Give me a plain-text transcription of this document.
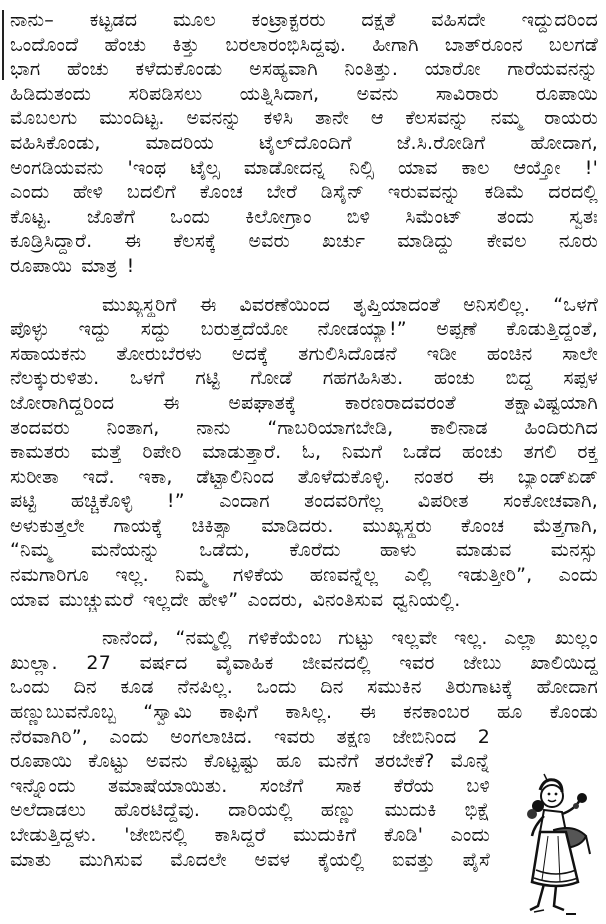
ನಾನು– ಕಟ್ಟಡದ ಮೂಲ ಕಂಟ್ರಾಕ್ಟರರು ದಕ್ಷತೆ ವಹಿಸದೇ ಇದ್ದುದರಿಂದ
ಒಂದೊಂದೆ ಹೆಂಚು ಕಿತ್ತು ಬರಲಾರಂಭಿಸಿದ್ದವು. ಹೀಗಾಗಿ ಬಾತ್‌ರೂಂನ ಬಲಗಡೆ
ಭಾಗ ಹೆಂಚು ಕಳೆದುಕೊಂಡು ಅಸಹ್ಯವಾಗಿ ನಿಂತಿತ್ತು. ಯಾರೋ ಗಾರೆಯವನನ್ನು
ಹಿಡಿದುತಂದು ಸರಿಪಡಿಸಲು ಯತ್ನಿಸಿದಾಗ, ಅವನು ಸಾವಿರಾರು ರೂಪಾಯಿ
ಮೊಬಲಗು ಮುಂದಿಟ್ಟ. ಅವನನ್ನು ಕಳಿಸಿ ತಾನೇ ಆ ಕೆಲಸವನ್ನು ನಮ್ಮ ರಾಯರು
ವಹಿಸಿಕೊಂಡು, ಮಾದರಿಯ ಟೈಲ್‌ದೊಂದಿಗೆ ಜೆ.ಸಿ.ರೋಡಿಗೆ ಹೋದಾಗ,
ಅಂಗಡಿಯವನು 'ಇಂಥ ಟೈಲ್ಸ ಮಾಡೋದನ್ನ ನಿಲ್ಸಿ ಯಾವ ಕಾಲ ಆಯ್ತೋ !'
ಎಂದು ಹೇಳಿ ಬದಲಿಗೆ ಕೊಂಚ ಬೇರೆ ಡಿಸೈನ್ ಇರುವವನ್ನು ಕಡಿಮೆ ದರದಲ್ಲಿ
ಕೊಟ್ಟ. ಜೊತೆಗೆ ಒಂದು ಕಿಲೋಗ್ರಾಂ ಬಿಳಿ ಸಿಮೆಂಟ್ ತಂದು ಸ್ವತಃ
ಕೂಡ್ರಿಸಿದ್ದಾರೆ. ಈ ಕೆಲಸಕ್ಕೆ ಅವರು ಖರ್ಚು ಮಾಡಿದ್ದು ಕೇವಲ ನೂರು
ರೂಪಾಯಿ ಮಾತ್ರ !

ಮುಖ್ಯಸ್ಥರಿಗೆ ಈ ವಿವರಣೆಯಿಂದ ತೃಪ್ತಿಯಾದಂತೆ ಅನಿಸಲಿಲ್ಲ. “ಒಳಗೆ
ಪೊಳ್ಳು ಇದ್ದು ಸದ್ದು ಬರುತ್ತದೆಯೋ ನೋಡಯ್ಯಾ!” ಅಪ್ಪಣೆ ಕೊಡುತ್ತಿದ್ದಂತೆ,
ಸಹಾಯಕನು ತೋರುಬೆರಳು ಅದಕ್ಕೆ ತಗುಲಿಸಿದೊಡನೆ ಇಡೀ ಹಂಚಿನ ಸಾಲೇ
ನೆಲಕ್ಕುರುಳಿತು. ಒಳಗೆ ಗಟ್ಟಿ ಗೋಡೆ ಗಹಗಹಿಸಿತು. ಹಂಚು ಬಿದ್ದ ಸಪ್ಪಳ
ಜೋರಾಗಿದ್ದರಿಂದ ಈ ಅಪಘಾತಕ್ಕೆ ಕಾರಣರಾದವರಂತೆ ತಕ್ಷಾವಿಷ್ಟಯಾಗಿ
ತಂದವರು ನಿಂತಾಗ, ನಾನು “ಗಾಬರಿಯಾಗಬೇಡಿ, ಕಾಲಿನಾಡ ಹಿಂದಿರುಗಿದ
ಕಾಮತರು ಮತ್ತೆ ರಿಪೇರಿ ಮಾಡುತ್ತಾರೆ. ಓ, ನಿಮಗೆ ಒಡೆದ ಹಂಚು ತಗಲಿ ರಕ್ತ
ಸುರೀತಾ ಇದೆ. ಇಕಾ, ಡೆಟ್ಟಾಲಿನಿಂದ ತೊಳೆದುಕೊಳ್ಳಿ. ನಂತರ ಈ ಬ್ಯಾಂಡ್‌ಏಡ್
ಪಟ್ಟಿ ಹಚ್ಚಿಕೊಳ್ಳಿ !” ಎಂದಾಗ ತಂದವರಿಗೆಲ್ಲ ವಿಪರೀತ ಸಂಕೋಚವಾಗಿ,
ಅಳುಕುತ್ತಲೇ ಗಾಯಕ್ಕೆ ಚಿಕಿತ್ಸಾ ಮಾಡಿದರು. ಮುಖ್ಯಸ್ಥರು ಕೊಂಚ ಮೆತ್ತಗಾಗಿ,
“ನಿಮ್ಮ ಮನೆಯನ್ನು ಒಡೆದು, ಕೊರೆದು ಹಾಳು ಮಾಡುವ ಮನಸ್ಸು
ನಮಗಾರಿಗೂ ಇಲ್ಲ. ನಿಮ್ಮ ಗಳಿಕೆಯ ಹಣವನ್ನೆಲ್ಲ ಎಲ್ಲಿ ಇಡುತ್ತೀರಿ”, ಎಂದು
ಯಾವ ಮುಚ್ಚುಮರೆ ಇಲ್ಲದೇ ಹೇಳಿ” ಎಂದರು, ವಿನಂತಿಸುವ ಧ್ವನಿಯಲ್ಲಿ.

ನಾನೆಂದೆ, “ನಮ್ಮಲ್ಲಿ ಗಳಿಕೆಯೆಂಬ ಗುಟ್ಟು ಇಲ್ಲವೇ ಇಲ್ಲ. ಎಲ್ಲಾ ಖುಲ್ಲಂ
ಖುಲ್ಲಾ. 27 ವರ್ಷದ ವೈವಾಹಿಕ ಜೀವನದಲ್ಲಿ ಇವರ ಜೇಬು ಖಾಲಿಯಿದ್ದ
ಒಂದು ದಿನ ಕೂಡ ನೆನಪಿಲ್ಲ. ಒಂದು ದಿನ ಸಮುಕಿನ ತಿರುಗಾಟಕ್ಕೆ ಹೋದಾಗ
ಹಣ್ಣುಬುವನೊಬ್ಬ “ಸ್ವಾಮಿ ಕಾಫಿಗೆ ಕಾಸಿಲ್ಲ. ಈ ಕನಕಾಂಬರ ಹೂ ಕೊಂಡು
ನೆರವಾಗಿರಿ”, ಎಂದು ಅಂಗಲಾಚಿದ. ಇವರು ತಕ್ಷಣ ಜೇಬಿನಿಂದ 2
ರೂಪಾಯಿ ಕೊಟ್ಟು ಅವನು ಕೊಟ್ಟಷ್ಟು ಹೂ ಮನೆಗೆ ತರಬೇಕೆ? ಮೊನ್ನೆ
ಇನ್ನೊಂದು ತಮಾಷೆಯಾಯಿತು. ಸಂಜೆಗೆ ಸಾಕ ಕೆರೆಯ ಬಳಿ
ಅಲೆದಾಡಲು ಹೊರಟಿದ್ದೆವು. ದಾರಿಯಲ್ಲಿ ಹಣ್ಣು ಮುದುಕಿ ಭಿಕ್ಷೆ
ಬೇಡುತ್ತಿದ್ದಳು. 'ಜೇಬಿನಲ್ಲಿ ಕಾಸಿದ್ದರೆ ಮುದುಕಿಗೆ ಕೊಡಿ' ಎಂದು
ಮಾತು ಮುಗಿಸುವ ಮೊದಲೇ ಅವಳ ಕೈಯಲ್ಲಿ ಐವತ್ತು ಪೈಸೆ
